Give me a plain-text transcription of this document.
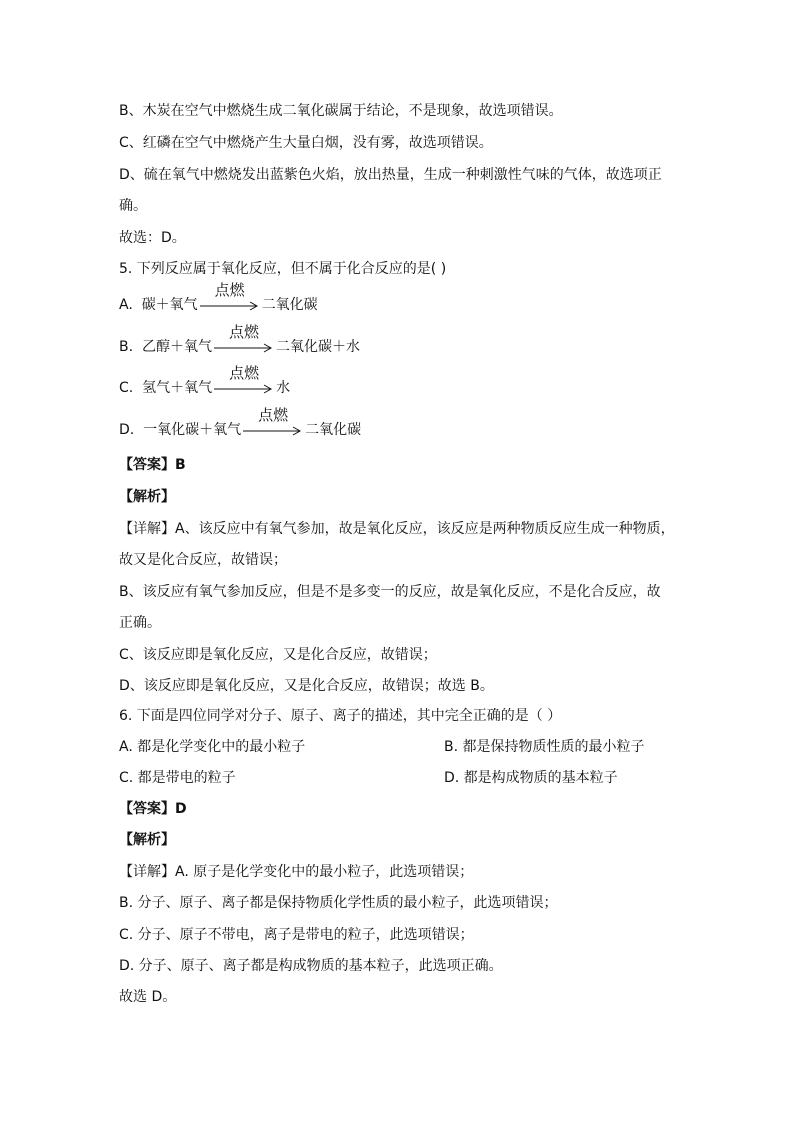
B、木炭在空气中燃烧生成二氧化碳属于结论，不是现象，故选项错误。
C、红磷在空气中燃烧产生大量白烟，没有雾，故选项错误。
D、硫在氧气中燃烧发出蓝紫色火焰，放出热量，生成一种刺激性气味的气体，故选项正
确。
故选：D。
5. 下列反应属于氧化反应，但不属于化合反应的是( )
A. 碳＋氧气
点燃
二氧化碳
B. 乙醇＋氧气
点燃
二氧化碳＋水
C. 氢气＋氧气
点燃
水
D. 一氧化碳＋氧气
点燃
二氧化碳
【答案】B
【解析】
【详解】A、该反应中有氧气参加，故是氧化反应，该反应是两种物质反应生成一种物质，
故又是化合反应，故错误；
B、该反应有氧气参加反应，但是不是多变一的反应，故是氧化反应，不是化合反应，故
正确。
C、该反应即是氧化反应，又是化合反应，故错误；
D、该反应即是氧化反应，又是化合反应，故错误；故选 B。
6. 下面是四位同学对分子、原子、离子的描述，其中完全正确的是（ ）
A. 都是化学变化中的最小粒子	B. 都是保持物质性质的最小粒子
C. 都是带电的粒子	D. 都是构成物质的基本粒子
【答案】D
【解析】
【详解】A. 原子是化学变化中的最小粒子，此选项错误；
B. 分子、原子、离子都是保持物质化学性质的最小粒子，此选项错误；
C. 分子、原子不带电，离子是带电的粒子，此选项错误；
D. 分子、原子、离子都是构成物质的基本粒子，此选项正确。
故选 D。
